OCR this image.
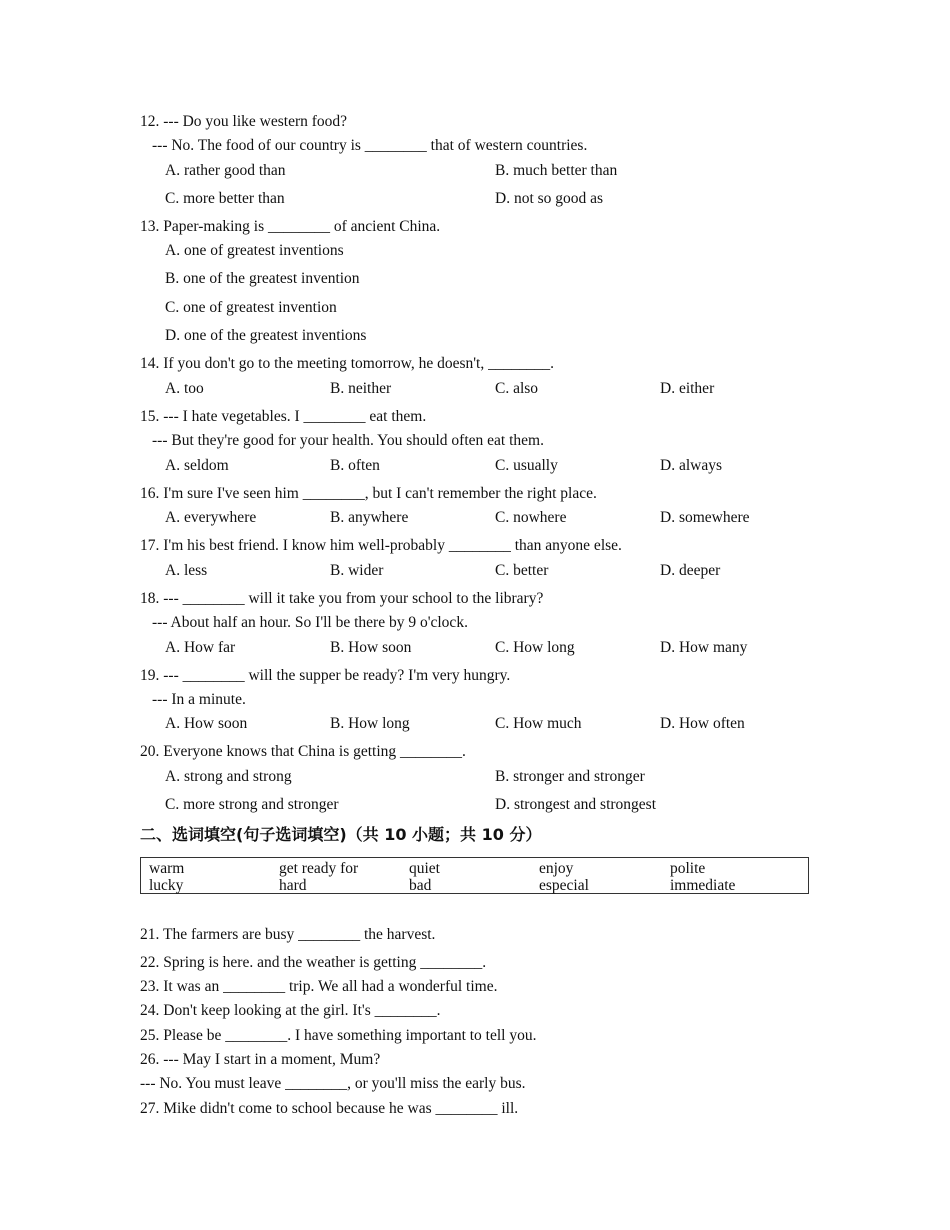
12. --- Do you like western food?
--- No. The food of our country is ________ that of western countries.
A. rather good than	B. much better than
C. more better than	D. not so good as
13. Paper-making is ________ of ancient China.
A. one of greatest inventions
B. one of the greatest invention
C. one of greatest invention
D. one of the greatest inventions
14. If you don't go to the meeting tomorrow, he doesn't, ________.
A. too	B. neither	C. also	D. either
15. --- I hate vegetables. I ________ eat them.
--- But they're good for your health. You should often eat them.
A. seldom	B. often	C. usually	D. always
16. I'm sure I've seen him ________, but I can't remember the right place.
A. everywhere	B. anywhere	C. nowhere	D. somewhere
17. I'm his best friend. I know him well-probably ________ than anyone else.
A. less	B. wider	C. better	D. deeper
18. --- ________ will it take you from your school to the library?
--- About half an hour. So I'll be there by 9 o'clock.
A. How far	B. How soon	C. How long	D. How many
19. --- ________ will the supper be ready? I'm very hungry.
--- In a minute.
A. How soon	B. How long	C. How much	D. How often
20. Everyone knows that China is getting ________.
A. strong and strong	B. stronger and stronger
C. more strong and stronger	D. strongest and strongest
二、选词填空(句子选词填空)（共 10 小题；共 10 分）
warm	get ready for	quiet	enjoy	polite
lucky	hard	bad	especial	immediate
21. The farmers are busy ________ the harvest.
22. Spring is here. and the weather is getting ________.
23. It was an ________ trip. We all had a wonderful time.
24. Don't keep looking at the girl. It's ________.
25. Please be ________. I have something important to tell you.
26. --- May I start in a moment, Mum?
--- No. You must leave ________, or you'll miss the early bus.
27. Mike didn't come to school because he was ________ ill.
